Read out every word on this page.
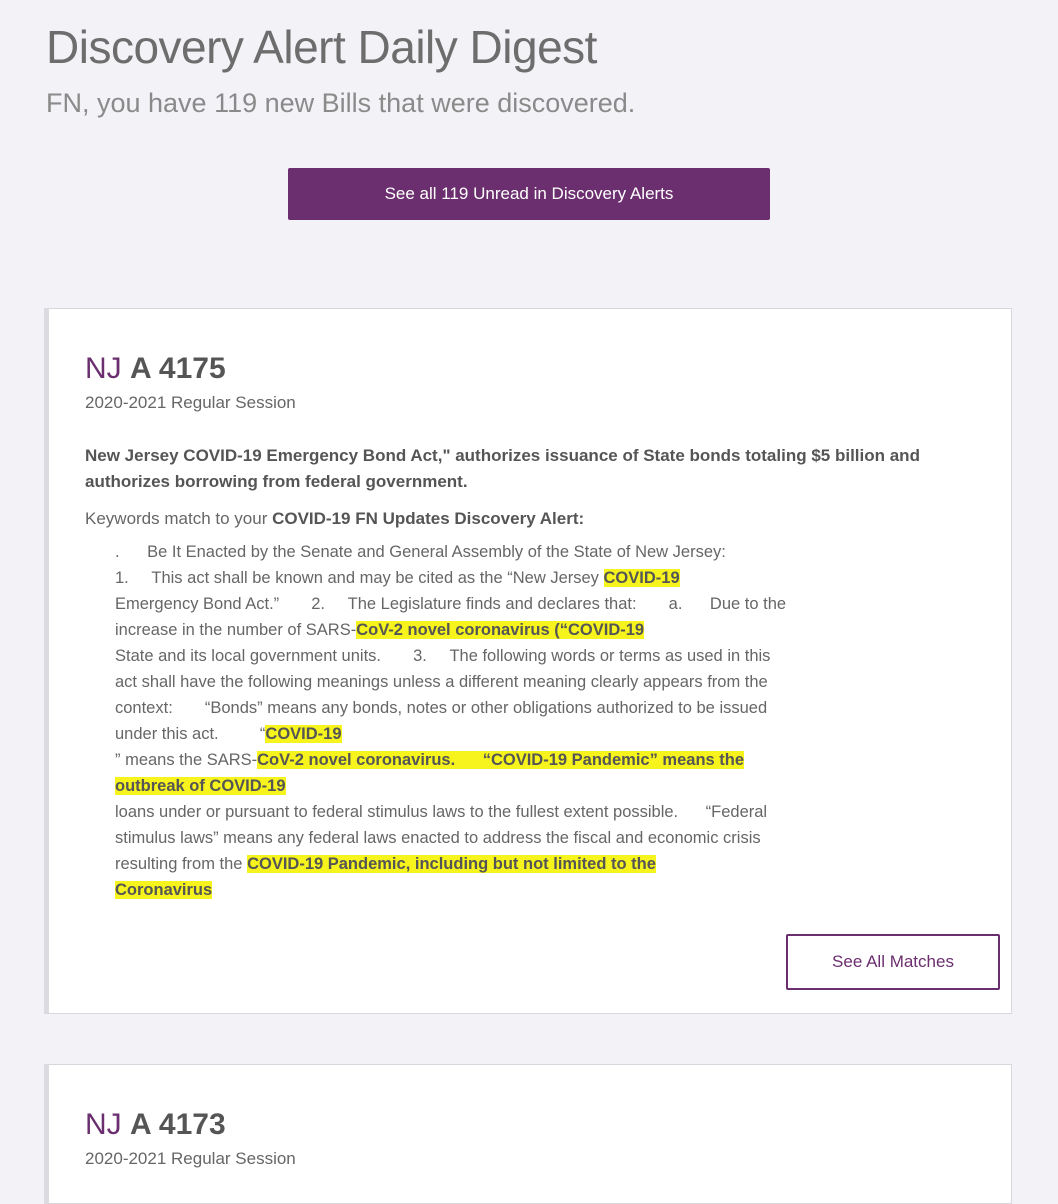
Discovery Alert Daily Digest

FN, you have 119 new Bills that were discovered.

See all 119 Unread in Discovery Alerts
NJ A 4175
2020-2021 Regular Session

New Jersey COVID-19 Emergency Bond Act," authorizes issuance of State bonds totaling $5 billion and authorizes borrowing from federal government.

Keywords match to your COVID-19 FN Updates Discovery Alert:
.      Be It Enacted by the Senate and General Assembly of the State of New Jersey:
1.     This act shall be known and may be cited as the “New Jersey COVID-19
Emergency Bond Act.”       2.     The Legislature finds and declares that:       a.      Due to the
increase in the number of SARS-CoV-2 novel coronavirus (“COVID-19
State and its local government units.       3.     The following words or terms as used in this
act shall have the following meanings unless a different meaning clearly appears from the
context:       “Bonds” means any bonds, notes or other obligations authorized to be issued
under this act.         “COVID-19
” means the SARS-CoV-2 novel coronavirus.      “COVID-19 Pandemic” means the
outbreak of COVID-19
loans under or pursuant to federal stimulus laws to the fullest extent possible.      “Federal
stimulus laws” means any federal laws enacted to address the fiscal and economic crisis
resulting from the COVID-19 Pandemic, including but not limited to the
Coronavirus
See All Matches
NJ A 4173
2020-2021 Regular Session
